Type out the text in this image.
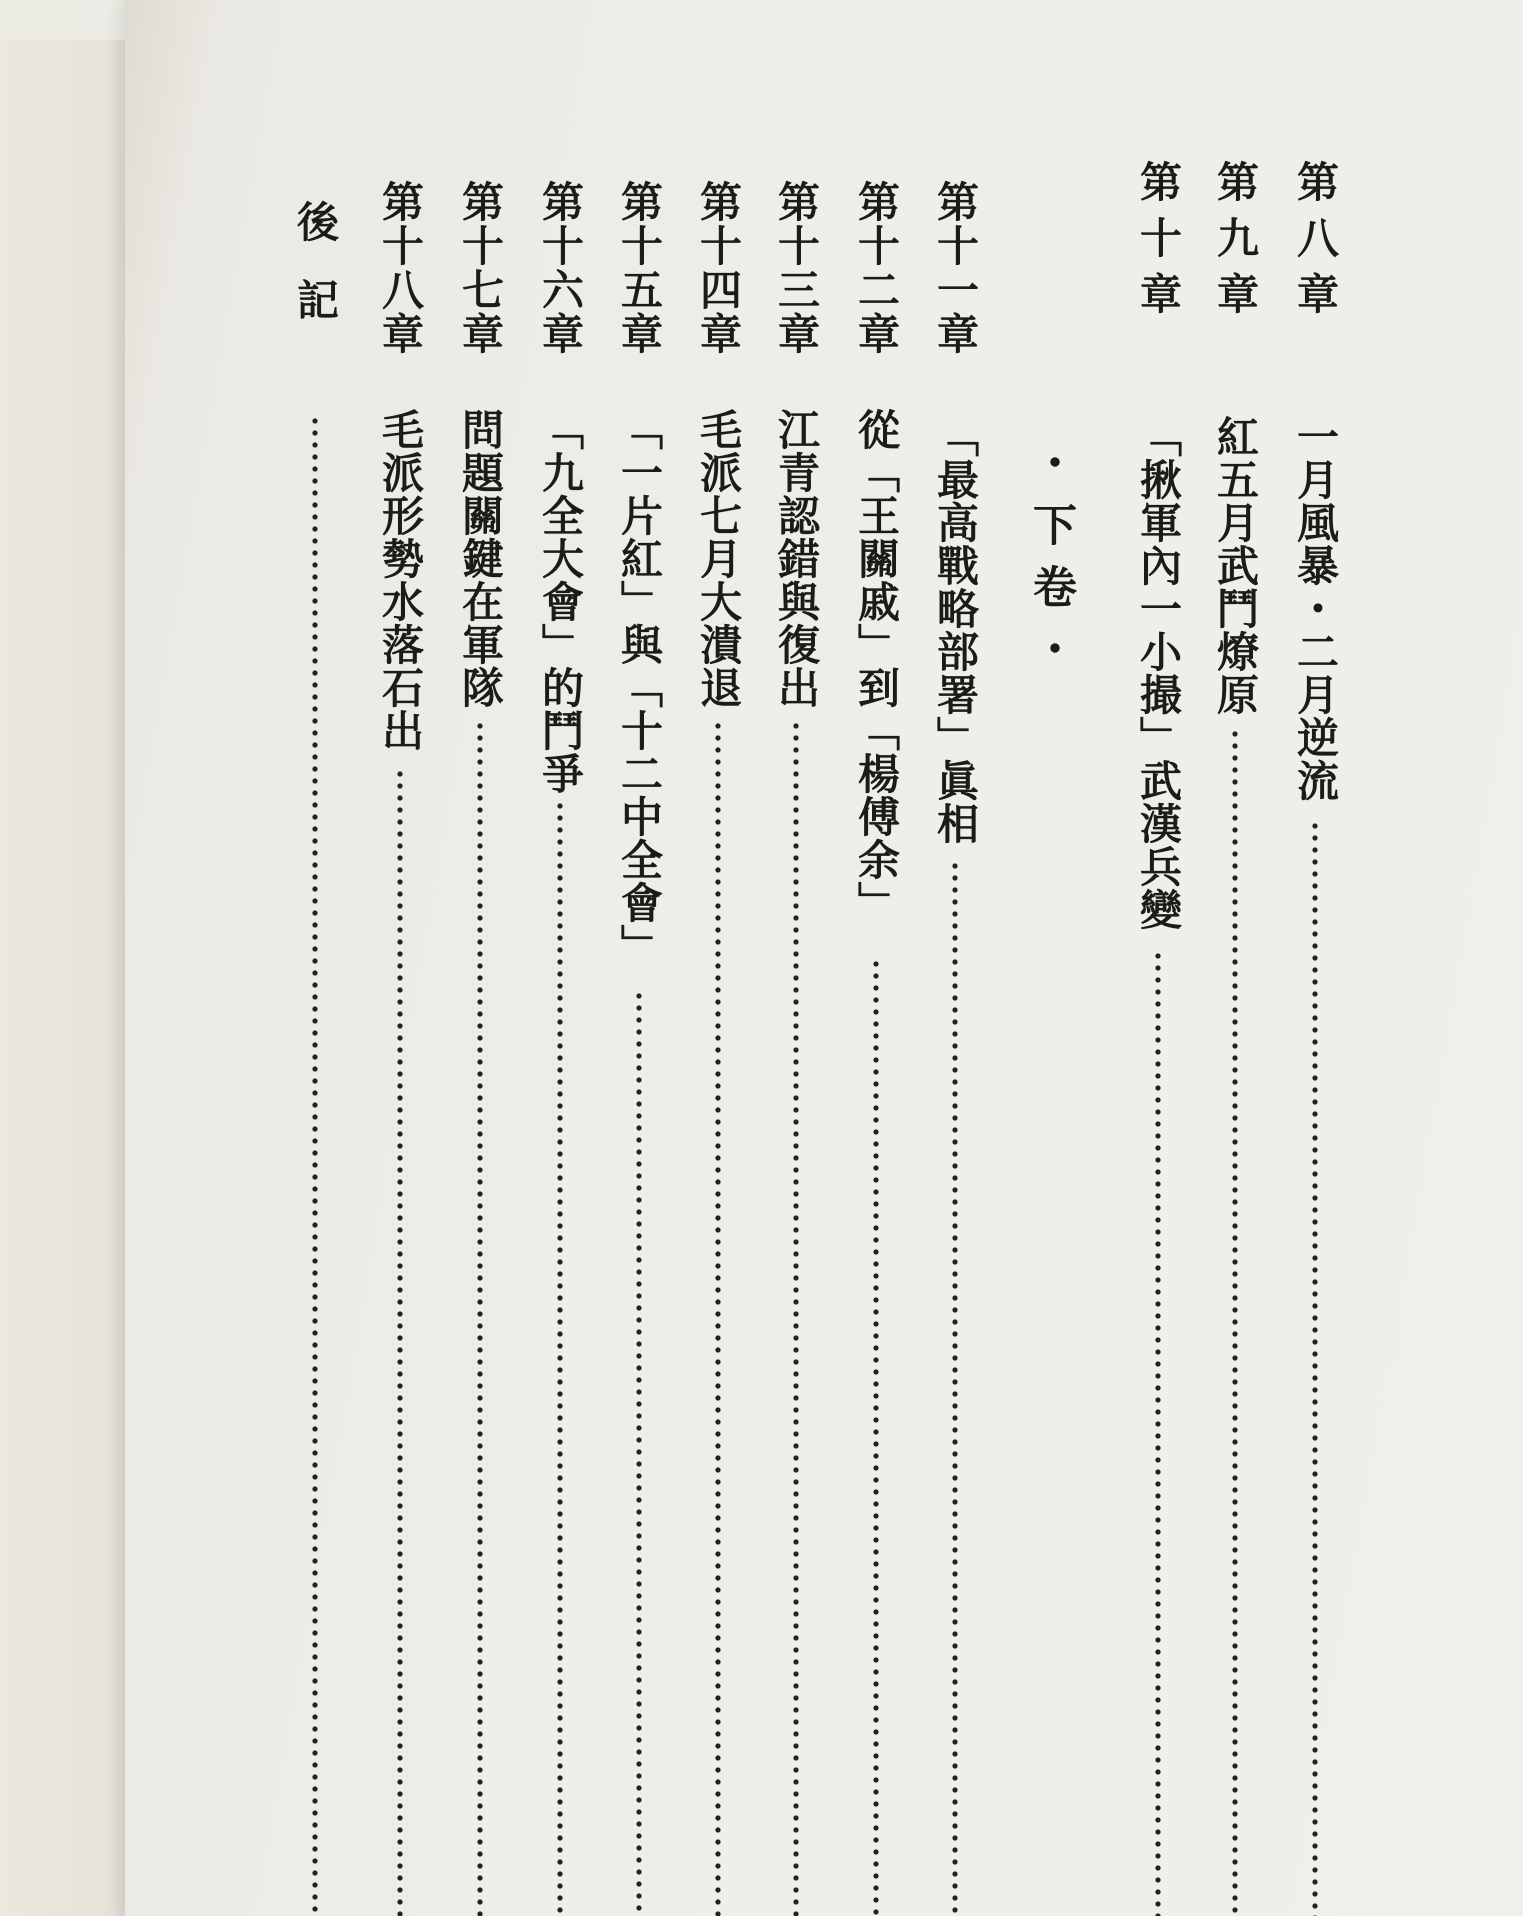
第八章
一月風暴・二月逆流
第九章
紅五月武鬥燎原
第十章
「揪軍內一小撮」武漢兵變
・下卷・
第十一章
「最高戰略部署」眞相
第十二章
從「王關戚」到「楊傅余」
第十三章
江青認錯與復出
第十四章
毛派七月大潰退
第十五章
「一片紅」與「十二中全會」
第十六章
「九全大會」的鬥爭
第十七章
問題關鍵在軍隊
第十八章
毛派形勢水落石出
後記
